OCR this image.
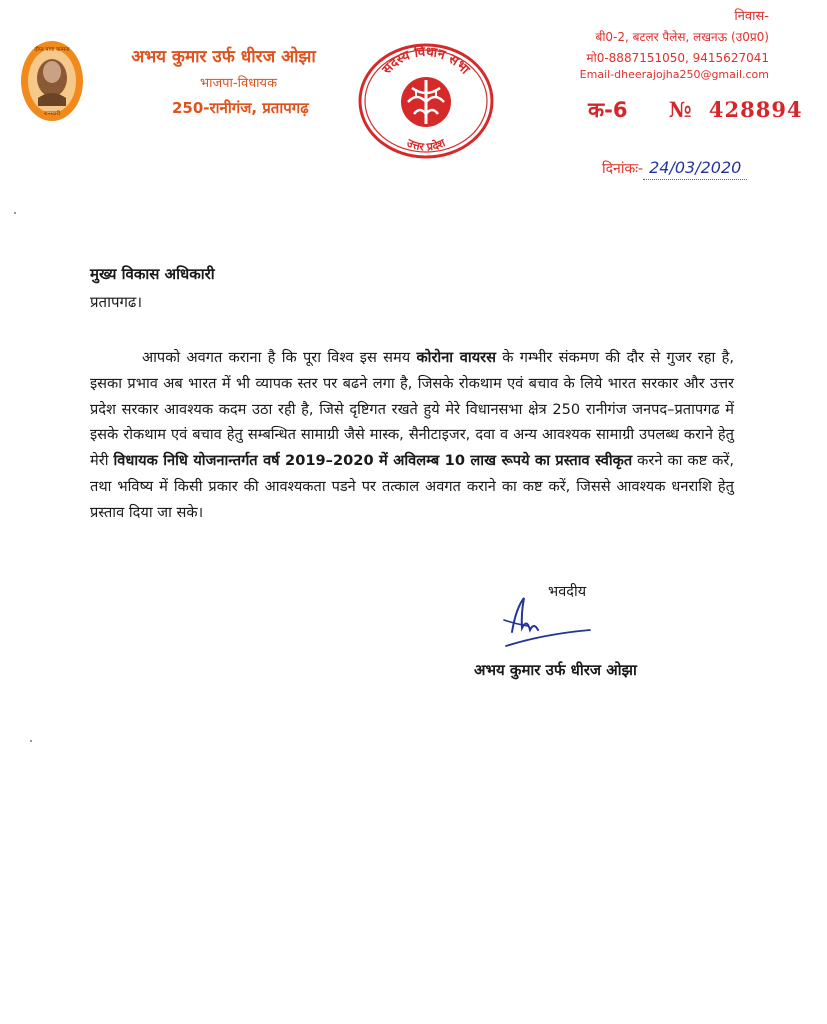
दीप्त पापा कामना
रानादारी
अभय कुमार उर्फ धीरज ओझा
भाजपा-विधायक
250-रानीगंज, प्रतापगढ़
सदस्य विधान सभा
उत्तर प्रदेश
निवास-
बी0-2, बटलर पैलेस, लखनऊ (उ0प्र0)
मो0-8887151050, 9415627041
Email-dheerajojha250@gmail.com
क-6 № 428894
दिनांकः- 24/03/2020
मुख्य विकास अधिकारी
प्रतापगढ।
आपको अवगत कराना है कि पूरा विश्व इस समय कोरोना वायरस के गम्भीर संकमण की दौर से गुजर रहा है, इसका प्रभाव अब भारत में भी व्यापक स्तर पर बढने लगा है, जिसके रोकथाम एवं बचाव के लिये भारत सरकार और उत्तर प्रदेश सरकार आवश्यक कदम उठा रही है, जिसे दृष्टिगत रखते हुये मेरे विधानसभा क्षेत्र 250 रानीगंज जनपद–प्रतापगढ में इसके रोकथाम एवं बचाव हेतु सम्बन्धित सामाग्री जैसे मास्क, सैनीटाइजर, दवा व अन्य आवश्यक सामाग्री उपलब्ध कराने हेतु मेरी विधायक निधि योजनान्तर्गत वर्ष 2019–2020 में अविलम्ब 10 लाख रूपये का प्रस्ताव स्वीकृत करने का कष्ट करें, तथा भविष्य में किसी प्रकार की आवश्यकता पडने पर तत्काल अवगत कराने का कष्ट करें, जिससे आवश्यक धनराशि हेतु प्रस्ताव दिया जा सके।
भवदीय
अभय कुमार उर्फ धीरज ओझा
